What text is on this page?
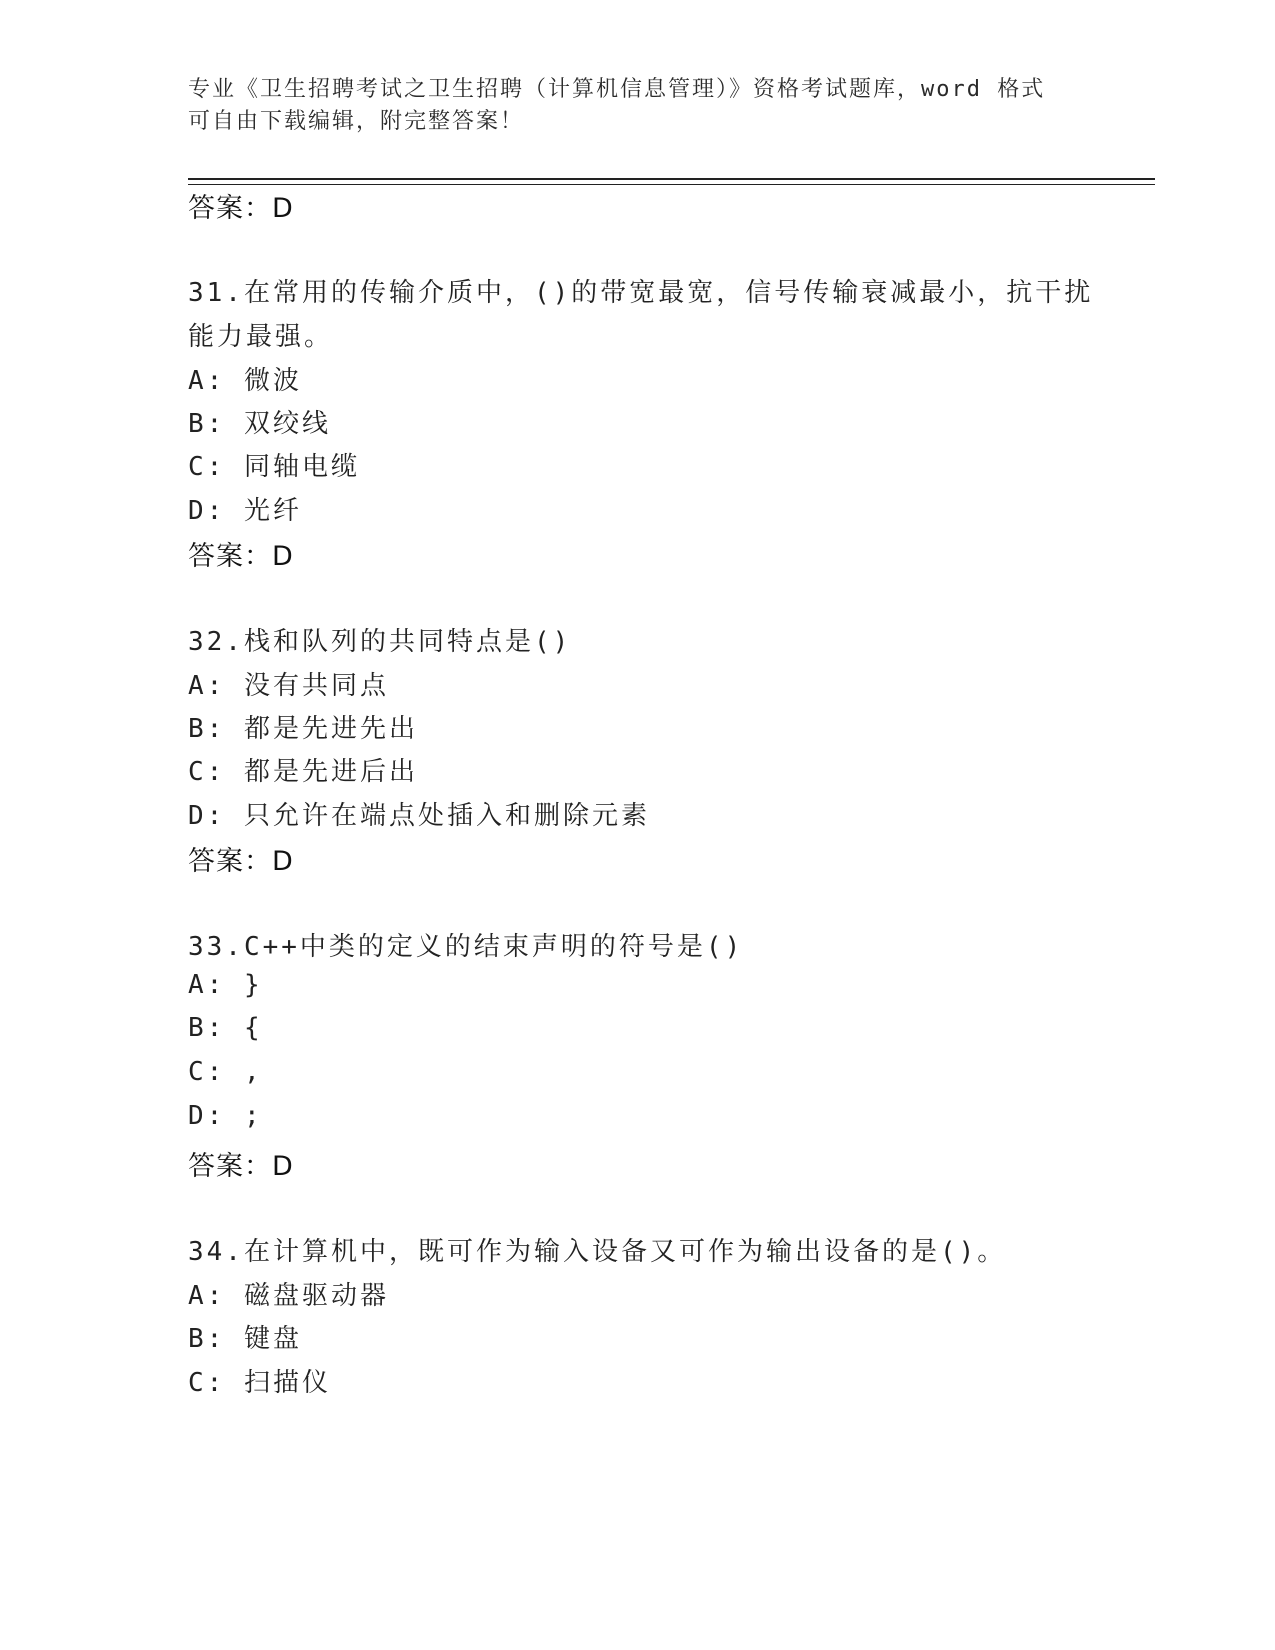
专业《卫生招聘考试之卫生招聘（计算机信息管理）》资格考试题库，word 格式
可自由下载编辑，附完整答案！
答案：D
31.在常用的传输介质中，()的带宽最宽，信号传输衰减最小，抗干扰
能力最强。
A: 微波
B: 双绞线
C: 同轴电缆
D: 光纤
答案：D
32.栈和队列的共同特点是()
A: 没有共同点
B: 都是先进先出
C: 都是先进后出
D: 只允许在端点处插入和删除元素
答案：D
33.C++中类的定义的结束声明的符号是()
A: }
B: {
C: ,
D: ;
答案：D
34.在计算机中，既可作为输入设备又可作为输出设备的是()。
A: 磁盘驱动器
B: 键盘
C: 扫描仪
